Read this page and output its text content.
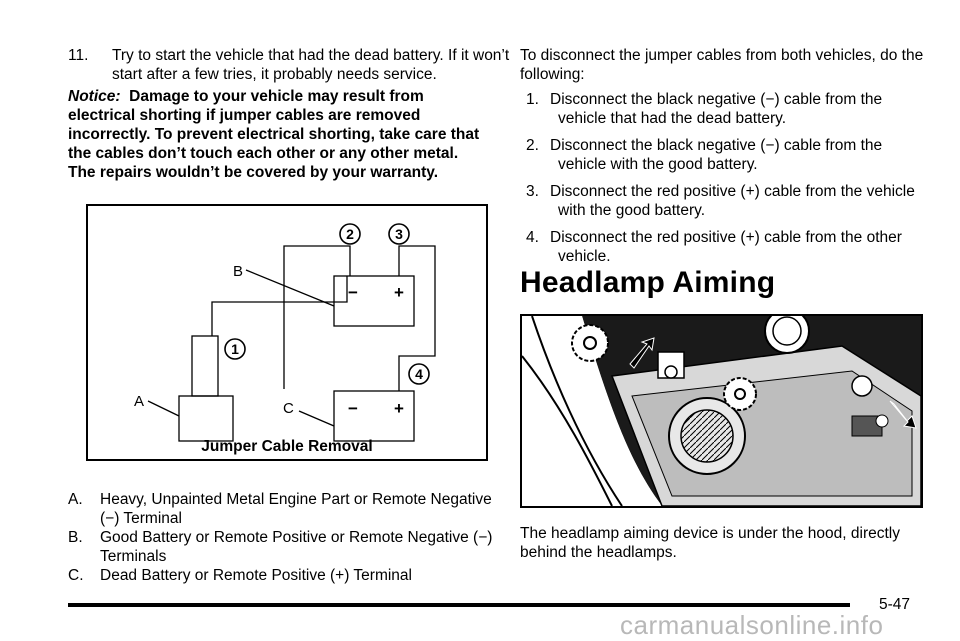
11. Try to start the vehicle that had the dead battery. If it won’t start after a few tries, it probably needs service.
Notice: Damage to your vehicle may result from electrical shorting if jumper cables are removed incorrectly. To prevent electrical shorting, take care that the cables don’t touch each other or any other metal. The repairs wouldn’t be covered by your warranty.
B
A	C
− +
− +
2	3
1
4
Jumper Cable Removal
A. Heavy, Unpainted Metal Engine Part or Remote Negative (−) Terminal
B. Good Battery or Remote Positive or Remote Negative (−) Terminals
C. Dead Battery or Remote Positive (+) Terminal
To disconnect the jumper cables from both vehicles, do the following:
1. Disconnect the black negative (−) cable from the vehicle that had the dead battery.
2. Disconnect the black negative (−) cable from the vehicle with the good battery.
3. Disconnect the red positive (+) cable from the vehicle with the good battery.
4. Disconnect the red positive (+) cable from the other vehicle.
Headlamp Aiming
The headlamp aiming device is under the hood, directly behind the headlamps.
5-47
carmanualsonline.info
